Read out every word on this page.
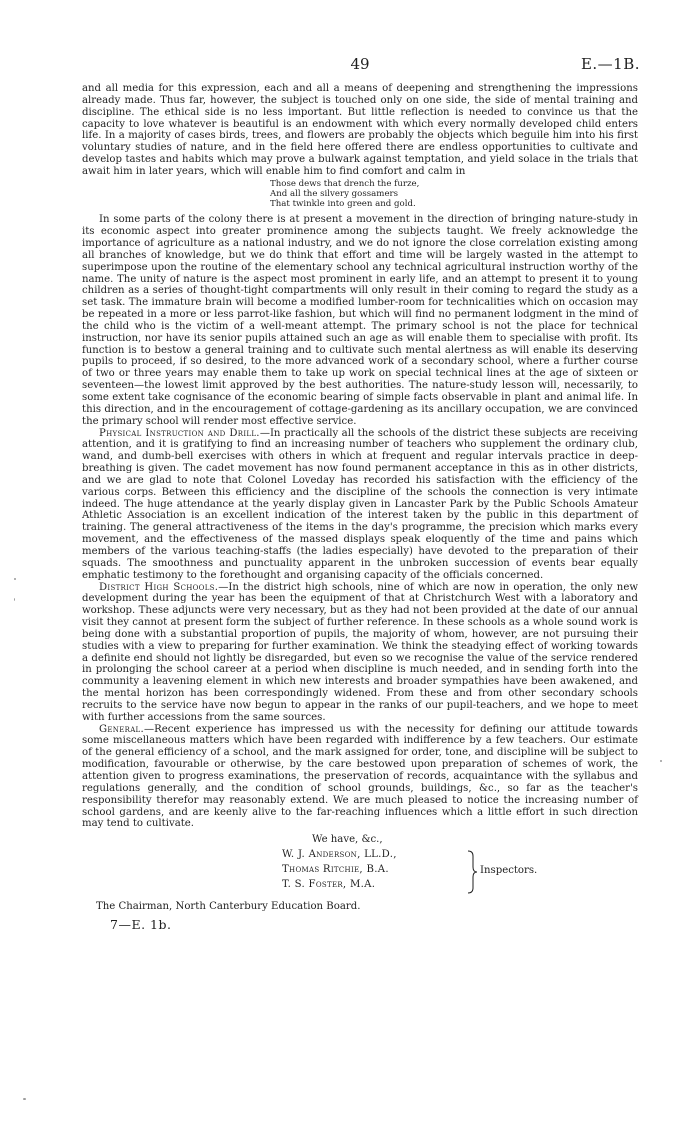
49	E.—1B.

and all media for this expression, each and all a means of deepening and strengthening the impressions already made. Thus far, however, the subject is touched only on one side, the side of mental training and discipline. The ethical side is no less important. But little reflection is needed to convince us that the capacity to love whatever is beautiful is an endowment with which every normally developed child enters life. In a majority of cases birds, trees, and flowers are probably the objects which beguile him into his first voluntary studies of nature, and in the field here offered there are endless opportunities to cultivate and develop tastes and habits which may prove a bulwark against temptation, and yield solace in the trials that await him in later years, which will enable him to find comfort and calm in

Those dews that drench the furze,
And all the silvery gossamers
That twinkle into green and gold.

In some parts of the colony there is at present a movement in the direction of bringing nature-study in its economic aspect into greater prominence among the subjects taught. We freely acknowledge the importance of agriculture as a national industry, and we do not ignore the close correlation existing among all branches of knowledge, but we do think that effort and time will be largely wasted in the attempt to superimpose upon the routine of the elementary school any technical agricultural instruction worthy of the name. The unity of nature is the aspect most prominent in early life, and an attempt to present it to young children as a series of thought-tight compartments will only result in their coming to regard the study as a set task. The immature brain will become a modified lumber-room for technicalities which on occasion may be repeated in a more or less parrot-like fashion, but which will find no permanent lodgment in the mind of the child who is the victim of a well-meant attempt. The primary school is not the place for technical instruction, nor have its senior pupils attained such an age as will enable them to specialise with profit. Its function is to bestow a general training and to cultivate such mental alertness as will enable its deserving pupils to proceed, if so desired, to the more advanced work of a secondary school, where a further course of two or three years may enable them to take up work on special technical lines at the age of sixteen or seventeen—the lowest limit approved by the best authorities. The nature-study lesson will, necessarily, to some extent take cognisance of the economic bearing of simple facts observable in plant and animal life. In this direction, and in the encouragement of cottage-gardening as its ancillary occupation, we are convinced the primary school will render most effective service.

Physical Instruction and Drill.—In practically all the schools of the district these subjects are receiving attention, and it is gratifying to find an increasing number of teachers who supplement the ordinary club, wand, and dumb-bell exercises with others in which at frequent and regular intervals practice in deep-breathing is given. The cadet movement has now found permanent acceptance in this as in other districts, and we are glad to note that Colonel Loveday has recorded his satisfaction with the efficiency of the various corps. Between this efficiency and the discipline of the schools the connection is very intimate indeed. The huge attendance at the yearly display given in Lancaster Park by the Public Schools Amateur Athletic Association is an excellent indication of the interest taken by the public in this department of training. The general attractiveness of the items in the day's programme, the precision which marks every movement, and the effectiveness of the massed displays speak eloquently of the time and pains which members of the various teaching-staffs (the ladies especially) have devoted to the preparation of their squads. The smoothness and punctuality apparent in the unbroken succession of events bear equally emphatic testimony to the forethought and organising capacity of the officials concerned.

District High Schools.—In the district high schools, nine of which are now in operation, the only new development during the year has been the equipment of that at Christchurch West with a laboratory and workshop. These adjuncts were very necessary, but as they had not been provided at the date of our annual visit they cannot at present form the subject of further reference. In these schools as a whole sound work is being done with a substantial proportion of pupils, the majority of whom, however, are not pursuing their studies with a view to preparing for further examination. We think the steadying effect of working towards a definite end should not lightly be disregarded, but even so we recognise the value of the service rendered in prolonging the school career at a period when discipline is much needed, and in sending forth into the community a leavening element in which new interests and broader sympathies have been awakened, and the mental horizon has been correspondingly widened. From these and from other secondary schools recruits to the service have now begun to appear in the ranks of our pupil-teachers, and we hope to meet with further accessions from the same sources.

General.—Recent experience has impressed us with the necessity for defining our attitude towards some miscellaneous matters which have been regarded with indifference by a few teachers. Our estimate of the general efficiency of a school, and the mark assigned for order, tone, and discipline will be subject to modification, favourable or otherwise, by the care bestowed upon preparation of schemes of work, the attention given to progress examinations, the preservation of records, acquaintance with the syllabus and regulations generally, and the condition of school grounds, buildings, &c., so far as the teacher's responsibility therefor may reasonably extend. We are much pleased to notice the increasing number of school gardens, and are keenly alive to the far-reaching influences which a little effort in such direction may tend to cultivate.

We have, &c.,
W. J. Anderson, LL.D.,
Thomas Ritchie, B.A.
T. S. Foster, M.A.
Inspectors.
The Chairman, North Canterbury Education Board.
7—E. 1b.
